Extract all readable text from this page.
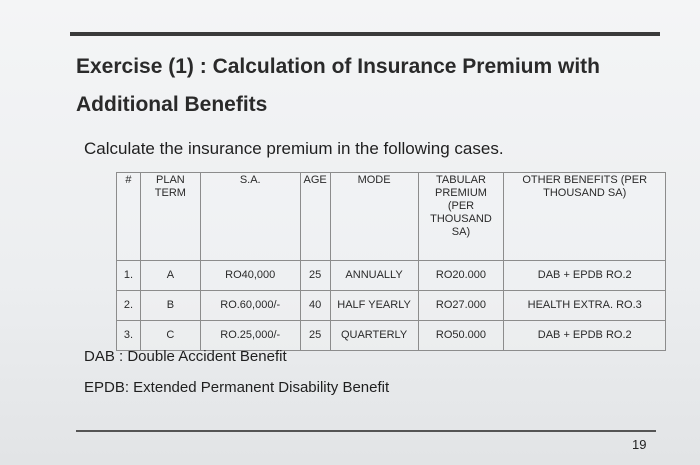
Exercise (1) : Calculation of Insurance Premium with Additional Benefits

Calculate the insurance premium in the following cases.

#	PLAN TERM	S.A.	AGE	MODE	TABULAR PREMIUM (PER THOUSAND SA)	OTHER BENEFITS (PER THOUSAND SA)
1.	A	RO40,000	25	ANNUALLY	RO20.000	DAB + EPDB RO.2
2.	B	RO.60,000/-	40	HALF YEARLY	RO27.000	HEALTH EXTRA. RO.3
3.	C	RO.25,000/-	25	QUARTERLY	RO50.000	DAB + EPDB RO.2

DAB : Double Accident Benefit

EPDB: Extended Permanent Disability Benefit

19
